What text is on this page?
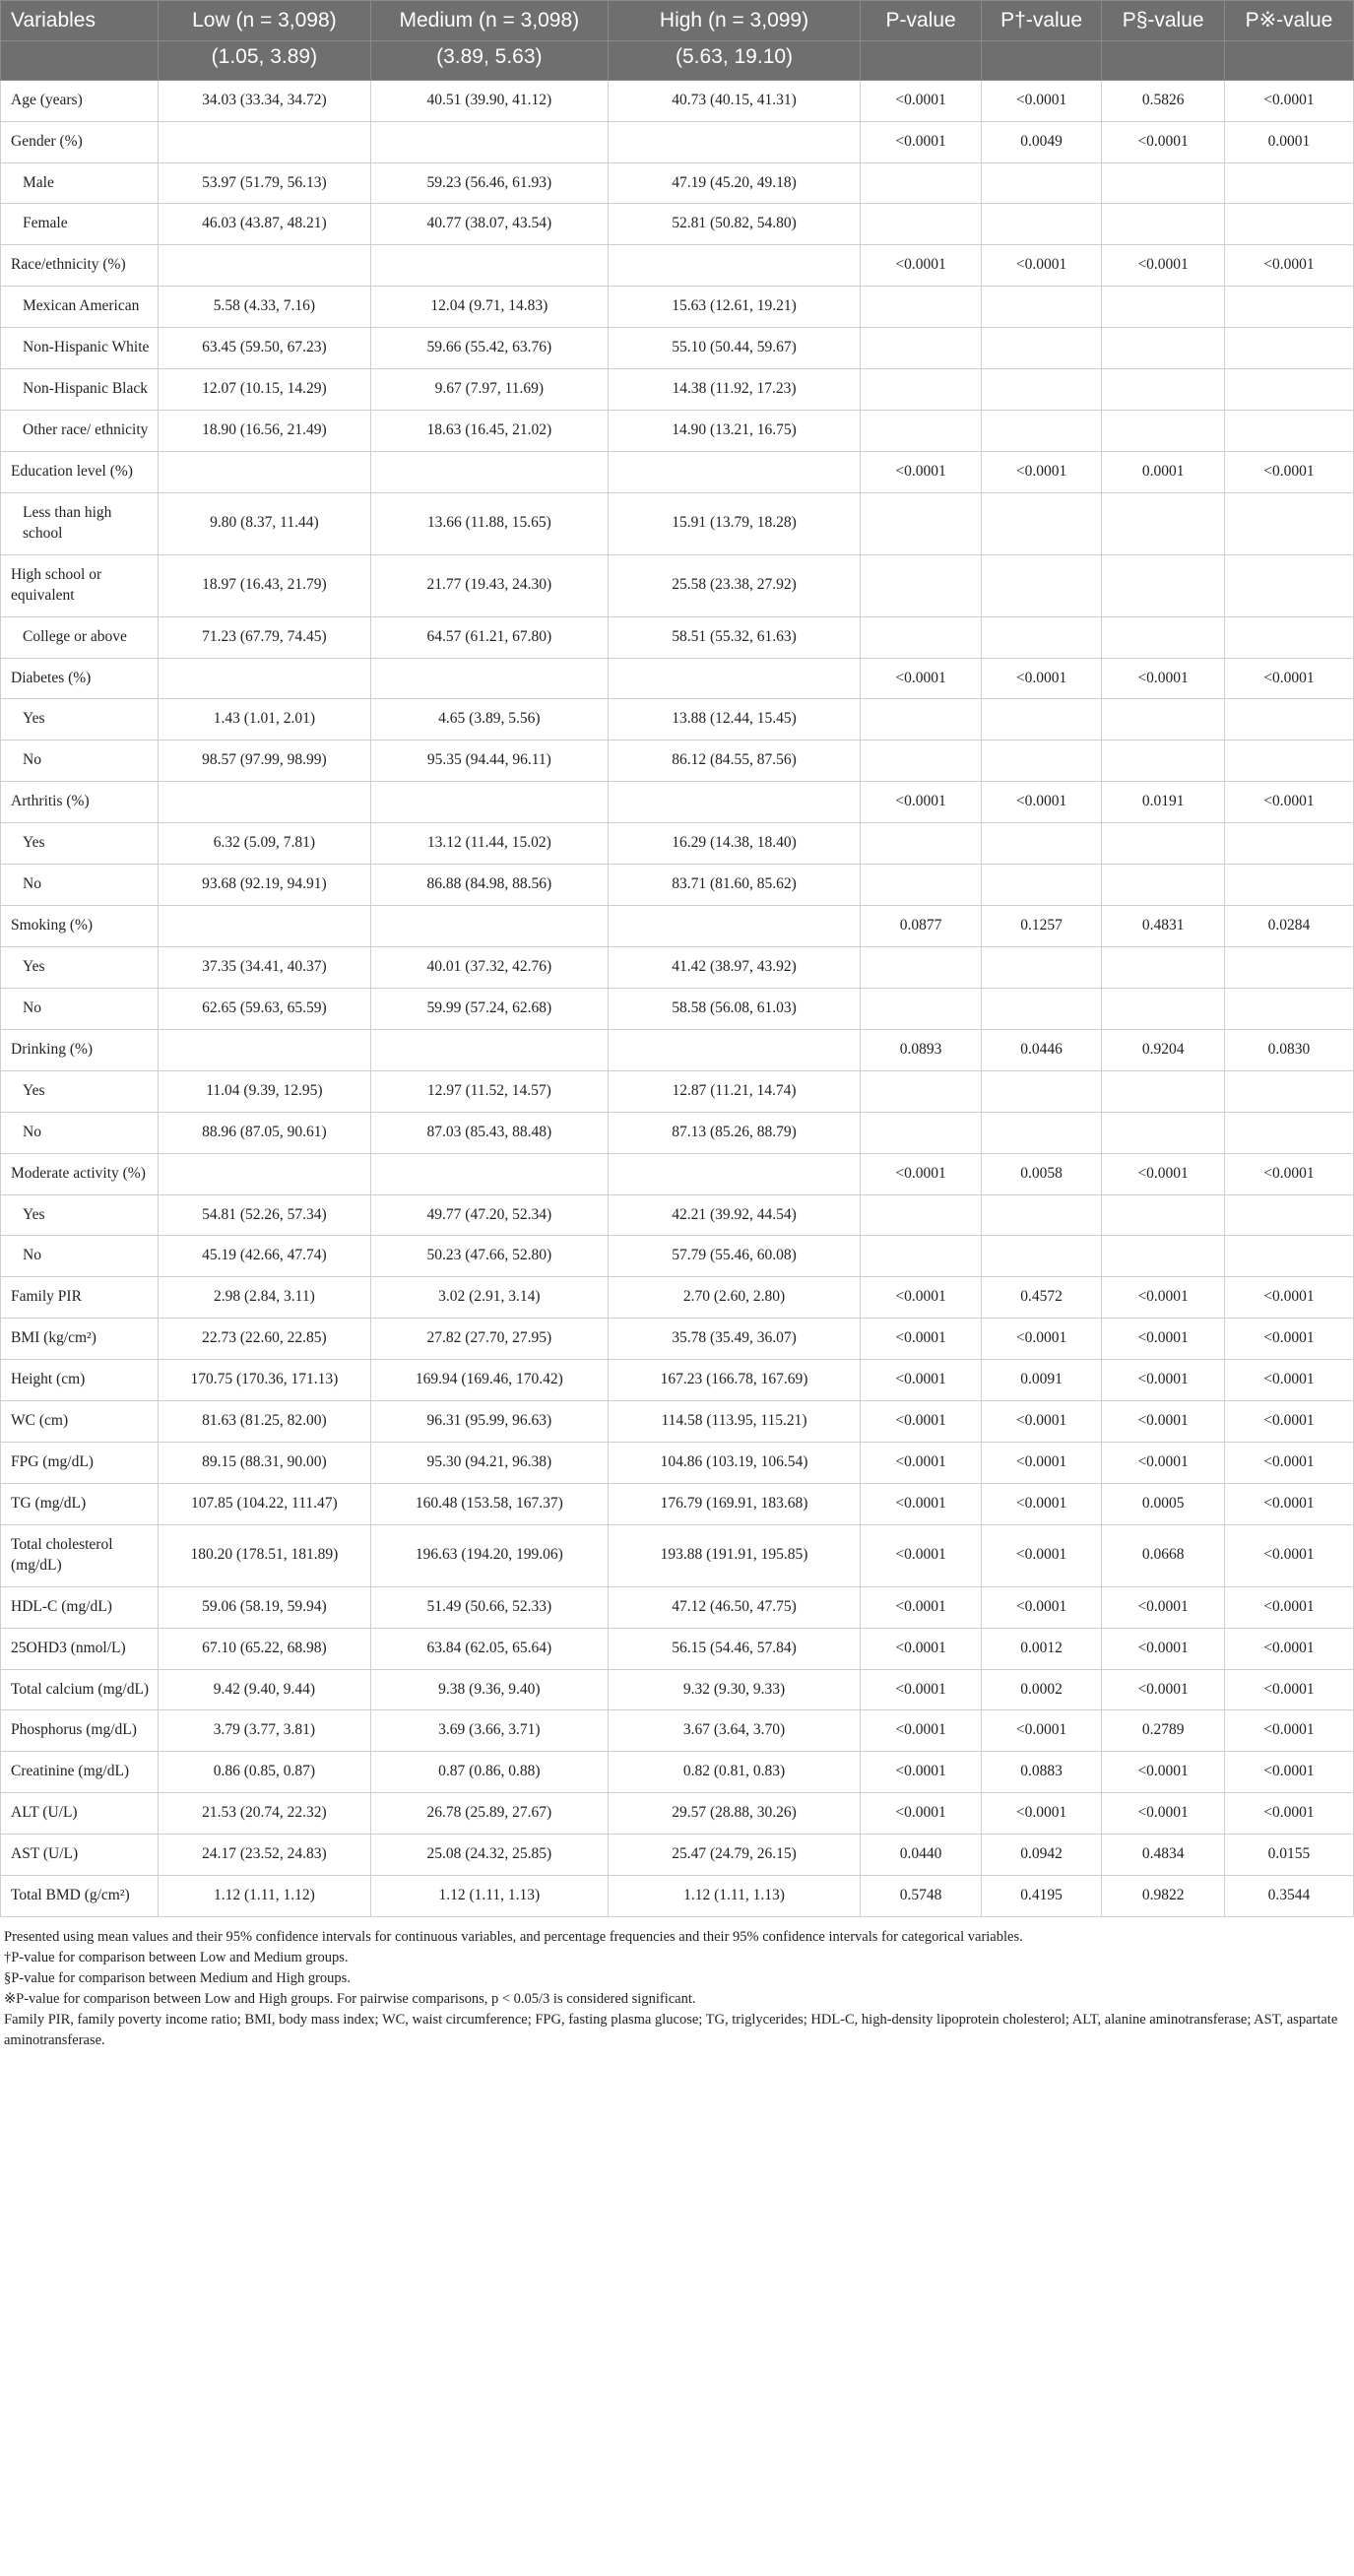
Variables	Low (n = 3,098)	Medium (n = 3,098)	High (n = 3,099)	P-value	P†-value	P§-value	P※-value
	(1.05, 3.89)	(3.89, 5.63)	(5.63, 19.10)				
Age (years)	34.03 (33.34, 34.72)	40.51 (39.90, 41.12)	40.73 (40.15, 41.31)	<0.0001	<0.0001	0.5826	<0.0001
Gender (%)				<0.0001	0.0049	<0.0001	0.0001
Male	53.97 (51.79, 56.13)	59.23 (56.46, 61.93)	47.19 (45.20, 49.18)				
Female	46.03 (43.87, 48.21)	40.77 (38.07, 43.54)	52.81 (50.82, 54.80)				
Race/ethnicity (%)				<0.0001	<0.0001	<0.0001	<0.0001
Mexican American	5.58 (4.33, 7.16)	12.04 (9.71, 14.83)	15.63 (12.61, 19.21)				
Non-Hispanic White	63.45 (59.50, 67.23)	59.66 (55.42, 63.76)	55.10 (50.44, 59.67)				
Non-Hispanic Black	12.07 (10.15, 14.29)	9.67 (7.97, 11.69)	14.38 (11.92, 17.23)				
Other race/ ethnicity	18.90 (16.56, 21.49)	18.63 (16.45, 21.02)	14.90 (13.21, 16.75)				
Education level (%)				<0.0001	<0.0001	0.0001	<0.0001
Less than high school	9.80 (8.37, 11.44)	13.66 (11.88, 15.65)	15.91 (13.79, 18.28)				
High school or equivalent	18.97 (16.43, 21.79)	21.77 (19.43, 24.30)	25.58 (23.38, 27.92)				
College or above	71.23 (67.79, 74.45)	64.57 (61.21, 67.80)	58.51 (55.32, 61.63)				
Diabetes (%)				<0.0001	<0.0001	<0.0001	<0.0001
Yes	1.43 (1.01, 2.01)	4.65 (3.89, 5.56)	13.88 (12.44, 15.45)				
No	98.57 (97.99, 98.99)	95.35 (94.44, 96.11)	86.12 (84.55, 87.56)				
Arthritis (%)				<0.0001	<0.0001	0.0191	<0.0001
Yes	6.32 (5.09, 7.81)	13.12 (11.44, 15.02)	16.29 (14.38, 18.40)				
No	93.68 (92.19, 94.91)	86.88 (84.98, 88.56)	83.71 (81.60, 85.62)				
Smoking (%)				0.0877	0.1257	0.4831	0.0284
Yes	37.35 (34.41, 40.37)	40.01 (37.32, 42.76)	41.42 (38.97, 43.92)				
No	62.65 (59.63, 65.59)	59.99 (57.24, 62.68)	58.58 (56.08, 61.03)				
Drinking (%)				0.0893	0.0446	0.9204	0.0830
Yes	11.04 (9.39, 12.95)	12.97 (11.52, 14.57)	12.87 (11.21, 14.74)				
No	88.96 (87.05, 90.61)	87.03 (85.43, 88.48)	87.13 (85.26, 88.79)				
Moderate activity (%)				<0.0001	0.0058	<0.0001	<0.0001
Yes	54.81 (52.26, 57.34)	49.77 (47.20, 52.34)	42.21 (39.92, 44.54)				
No	45.19 (42.66, 47.74)	50.23 (47.66, 52.80)	57.79 (55.46, 60.08)				
Family PIR	2.98 (2.84, 3.11)	3.02 (2.91, 3.14)	2.70 (2.60, 2.80)	<0.0001	0.4572	<0.0001	<0.0001
BMI (kg/cm²)	22.73 (22.60, 22.85)	27.82 (27.70, 27.95)	35.78 (35.49, 36.07)	<0.0001	<0.0001	<0.0001	<0.0001
Height (cm)	170.75 (170.36, 171.13)	169.94 (169.46, 170.42)	167.23 (166.78, 167.69)	<0.0001	0.0091	<0.0001	<0.0001
WC (cm)	81.63 (81.25, 82.00)	96.31 (95.99, 96.63)	114.58 (113.95, 115.21)	<0.0001	<0.0001	<0.0001	<0.0001
FPG (mg/dL)	89.15 (88.31, 90.00)	95.30 (94.21, 96.38)	104.86 (103.19, 106.54)	<0.0001	<0.0001	<0.0001	<0.0001
TG (mg/dL)	107.85 (104.22, 111.47)	160.48 (153.58, 167.37)	176.79 (169.91, 183.68)	<0.0001	<0.0001	0.0005	<0.0001
Total cholesterol (mg/dL)	180.20 (178.51, 181.89)	196.63 (194.20, 199.06)	193.88 (191.91, 195.85)	<0.0001	<0.0001	0.0668	<0.0001
HDL-C (mg/dL)	59.06 (58.19, 59.94)	51.49 (50.66, 52.33)	47.12 (46.50, 47.75)	<0.0001	<0.0001	<0.0001	<0.0001
25OHD3 (nmol/L)	67.10 (65.22, 68.98)	63.84 (62.05, 65.64)	56.15 (54.46, 57.84)	<0.0001	0.0012	<0.0001	<0.0001
Total calcium (mg/dL)	9.42 (9.40, 9.44)	9.38 (9.36, 9.40)	9.32 (9.30, 9.33)	<0.0001	0.0002	<0.0001	<0.0001
Phosphorus (mg/dL)	3.79 (3.77, 3.81)	3.69 (3.66, 3.71)	3.67 (3.64, 3.70)	<0.0001	<0.0001	0.2789	<0.0001
Creatinine (mg/dL)	0.86 (0.85, 0.87)	0.87 (0.86, 0.88)	0.82 (0.81, 0.83)	<0.0001	0.0883	<0.0001	<0.0001
ALT (U/L)	21.53 (20.74, 22.32)	26.78 (25.89, 27.67)	29.57 (28.88, 30.26)	<0.0001	<0.0001	<0.0001	<0.0001
AST (U/L)	24.17 (23.52, 24.83)	25.08 (24.32, 25.85)	25.47 (24.79, 26.15)	0.0440	0.0942	0.4834	0.0155
Total BMD (g/cm²)	1.12 (1.11, 1.12)	1.12 (1.11, 1.13)	1.12 (1.11, 1.13)	0.5748	0.4195	0.9822	0.3544

Presented using mean values and their 95% confidence intervals for continuous variables, and percentage frequencies and their 95% confidence intervals for categorical variables.

†P-value for comparison between Low and Medium groups.

§P-value for comparison between Medium and High groups.

※P-value for comparison between Low and High groups. For pairwise comparisons, p < 0.05/3 is considered significant.

Family PIR, family poverty income ratio; BMI, body mass index; WC, waist circumference; FPG, fasting plasma glucose; TG, triglycerides; HDL-C, high-density lipoprotein cholesterol; ALT, alanine aminotransferase; AST, aspartate aminotransferase.
